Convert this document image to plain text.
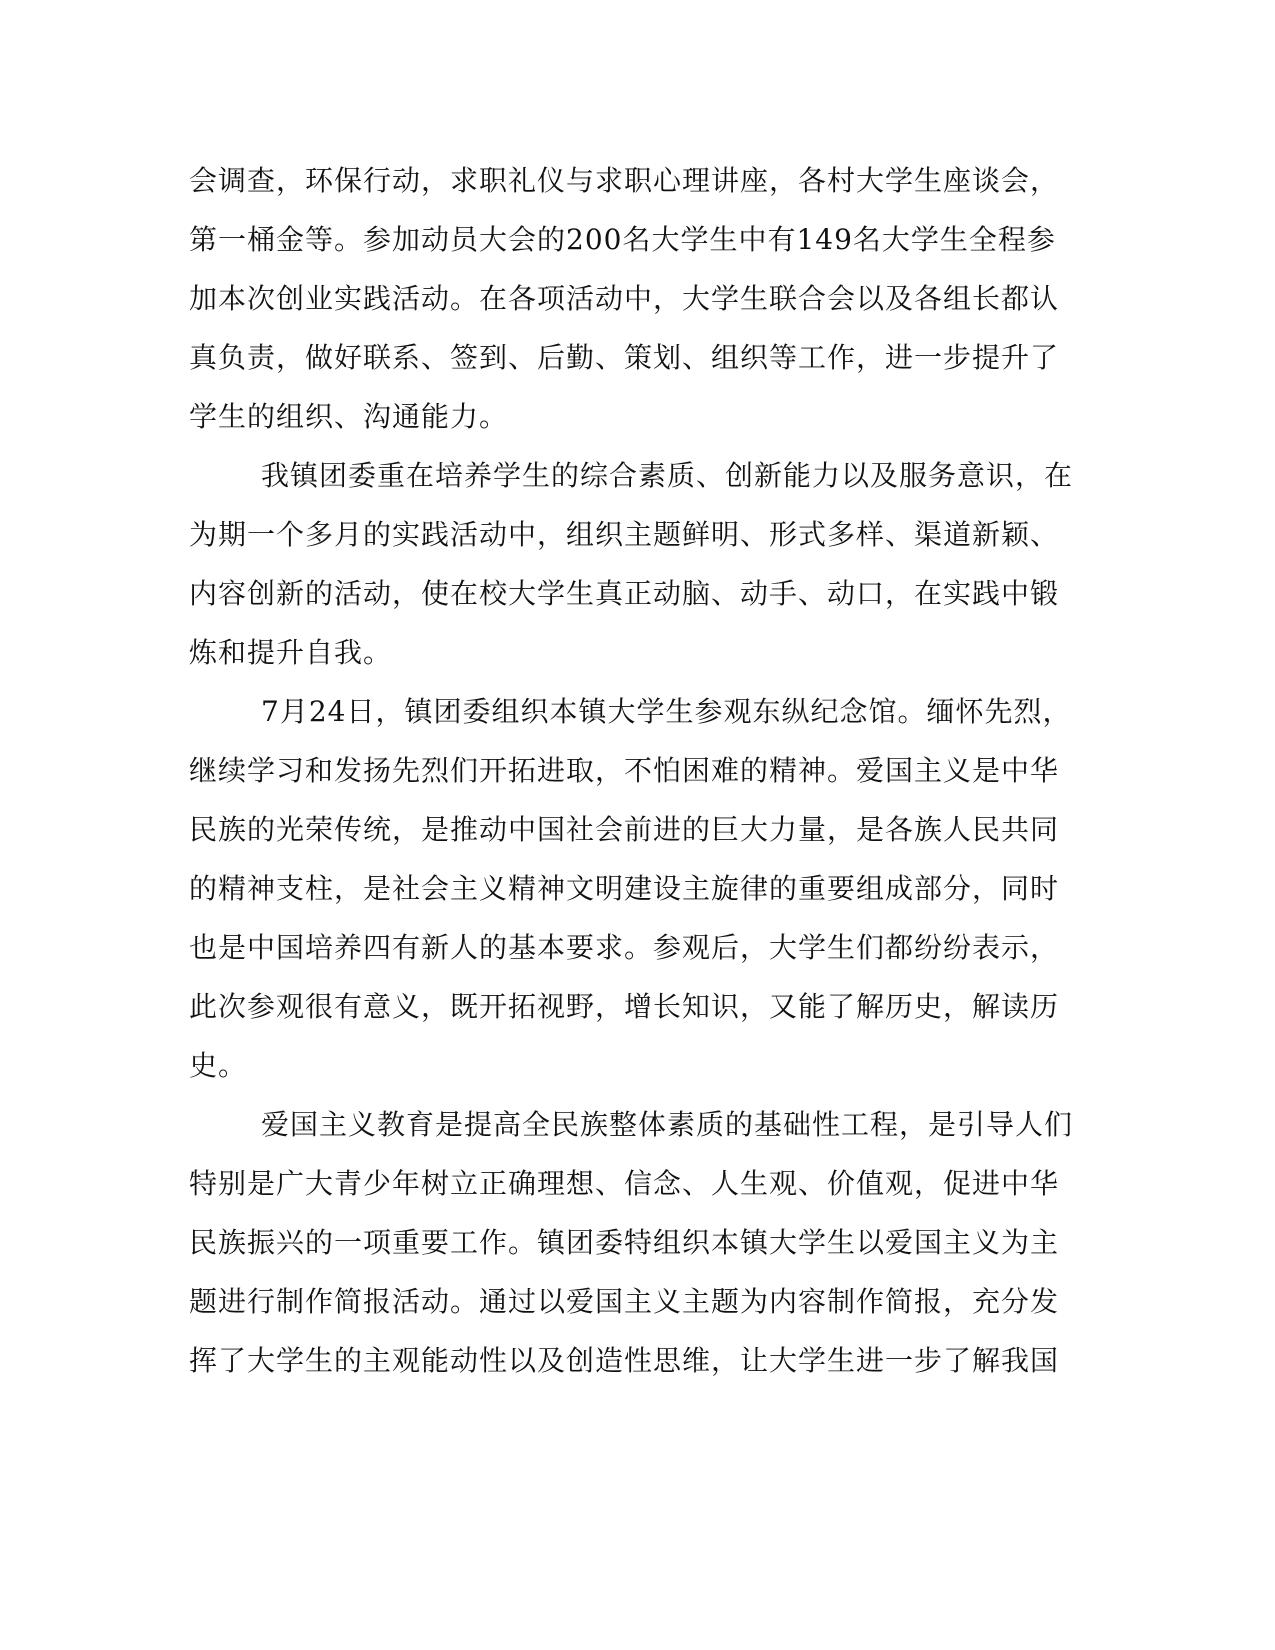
会调查，环保行动，求职礼仪与求职心理讲座，各村大学生座谈会，
第一桶金等。参加动员大会的200名大学生中有149名大学生全程参
加本次创业实践活动。在各项活动中，大学生联合会以及各组长都认
真负责，做好联系、签到、后勤、策划、组织等工作，进一步提升了
学生的组织、沟通能力。
我镇团委重在培养学生的综合素质、创新能力以及服务意识，在
为期一个多月的实践活动中，组织主题鲜明、形式多样、渠道新颖、
内容创新的活动，使在校大学生真正动脑、动手、动口，在实践中锻
炼和提升自我。
7月24日，镇团委组织本镇大学生参观东纵纪念馆。缅怀先烈，
继续学习和发扬先烈们开拓进取，不怕困难的精神。爱国主义是中华
民族的光荣传统，是推动中国社会前进的巨大力量，是各族人民共同
的精神支柱，是社会主义精神文明建设主旋律的重要组成部分，同时
也是中国培养四有新人的基本要求。参观后，大学生们都纷纷表示，
此次参观很有意义，既开拓视野，增长知识，又能了解历史，解读历
史。
爱国主义教育是提高全民族整体素质的基础性工程，是引导人们
特别是广大青少年树立正确理想、信念、人生观、价值观，促进中华
民族振兴的一项重要工作。镇团委特组织本镇大学生以爱国主义为主
题进行制作简报活动。通过以爱国主义主题为内容制作简报，充分发
挥了大学生的主观能动性以及创造性思维，让大学生进一步了解我国
